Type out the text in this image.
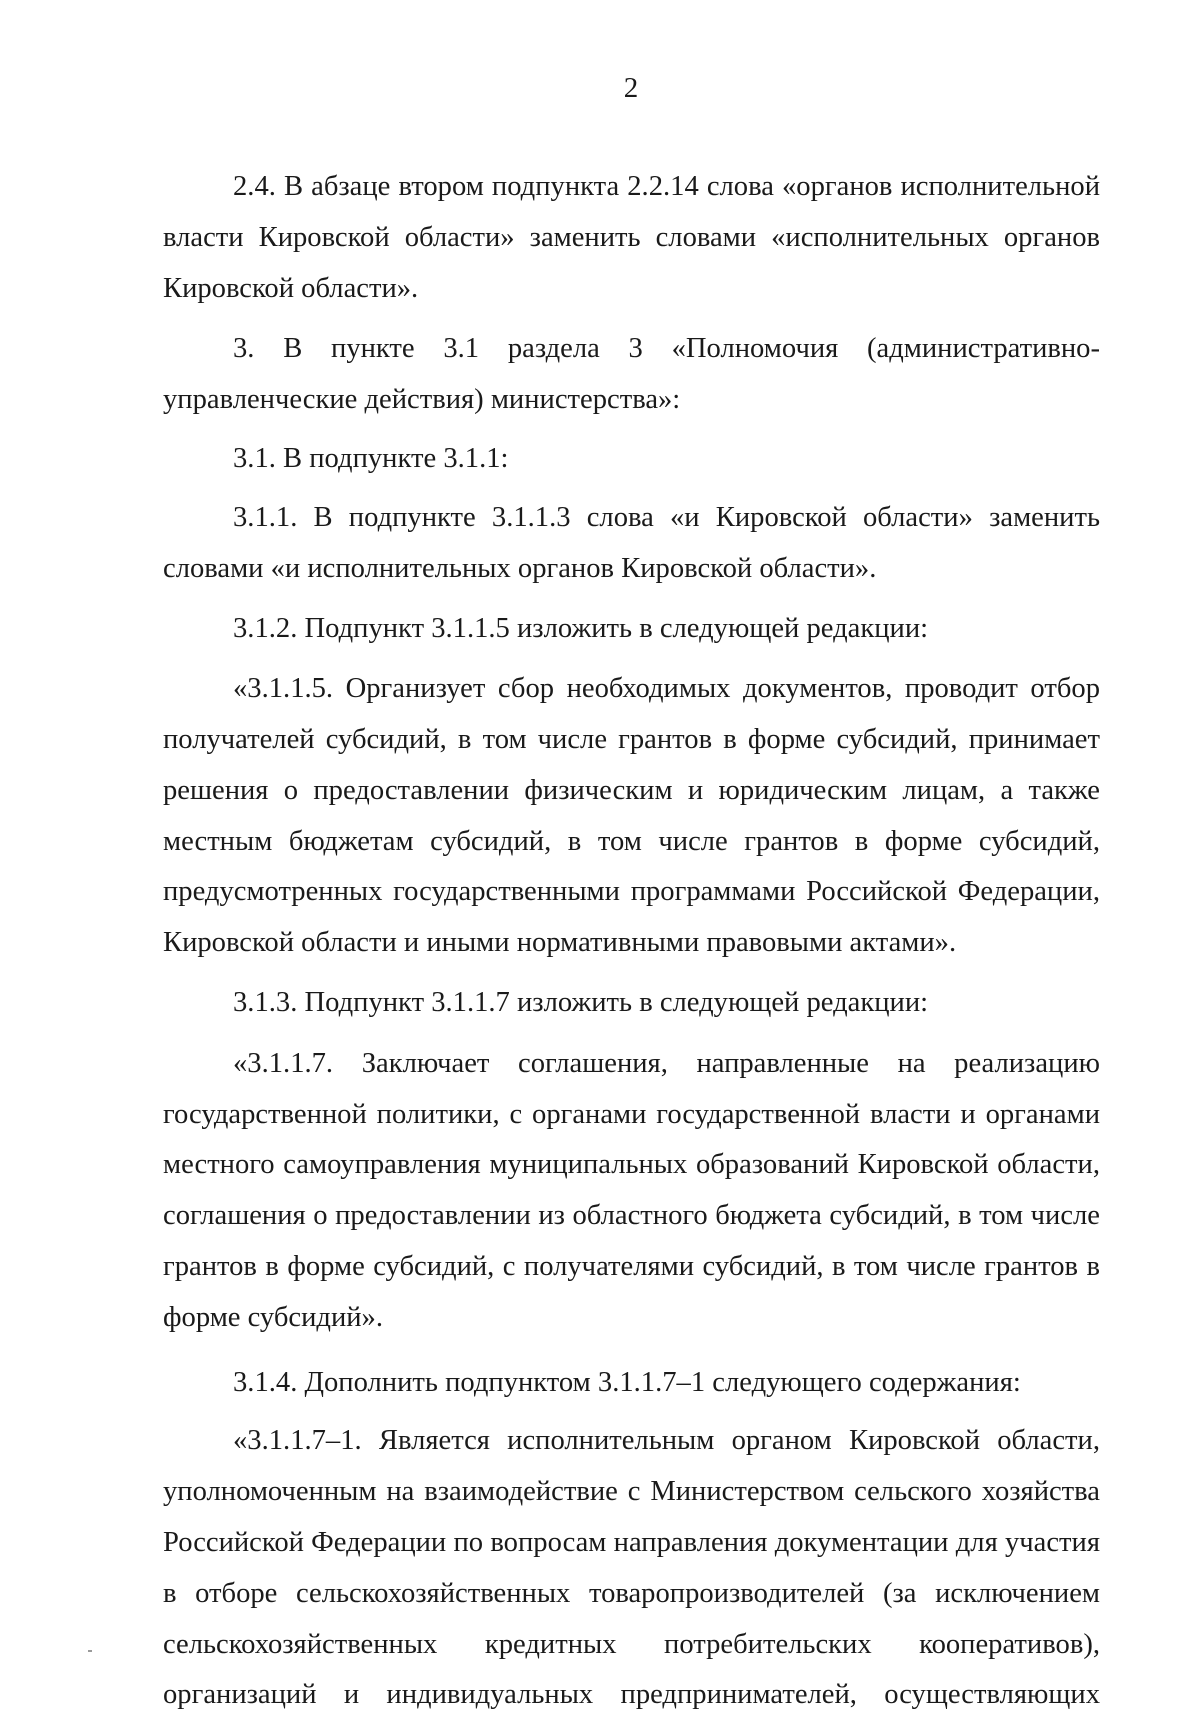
2

2.4. В абзаце втором подпункта 2.2.14 слова «органов исполнительной власти Кировской области» заменить словами «исполнительных органов Кировской области».

3. В пункте 3.1 раздела 3 «Полномочия (административно-управленческие действия) министерства»:

3.1. В подпункте 3.1.1:

3.1.1. В подпункте 3.1.1.3 слова «и Кировской области» заменить словами «и исполнительных органов Кировской области».

3.1.2. Подпункт 3.1.1.5 изложить в следующей редакции:

«3.1.1.5. Организует сбор необходимых документов, проводит отбор получателей субсидий, в том числе грантов в форме субсидий, принимает решения о предоставлении физическим и юридическим лицам, а также местным бюджетам субсидий, в том числе грантов в форме субсидий, предусмотренных государственными программами Российской Федерации, Кировской области и иными нормативными правовыми актами».

3.1.3. Подпункт 3.1.1.7 изложить в следующей редакции:

«3.1.1.7. Заключает соглашения, направленные на реализацию государственной политики, с органами государственной власти и органами местного самоуправления муниципальных образований Кировской области, соглашения о предоставлении из областного бюджета субсидий, в том числе грантов в форме субсидий, с получателями субсидий, в том числе грантов в форме субсидий».

3.1.4. Дополнить подпунктом 3.1.1.7–1 следующего содержания:

«3.1.1.7–1. Является исполнительным органом Кировской области, уполномоченным на взаимодействие с Министерством сельского хозяйства Российской Федерации по вопросам направления документации для участия в отборе сельскохозяйственных товаропроизводителей (за исключением сельскохозяйственных кредитных потребительских кооперативов), организаций и индивидуальных предпринимателей, осуществляющих
